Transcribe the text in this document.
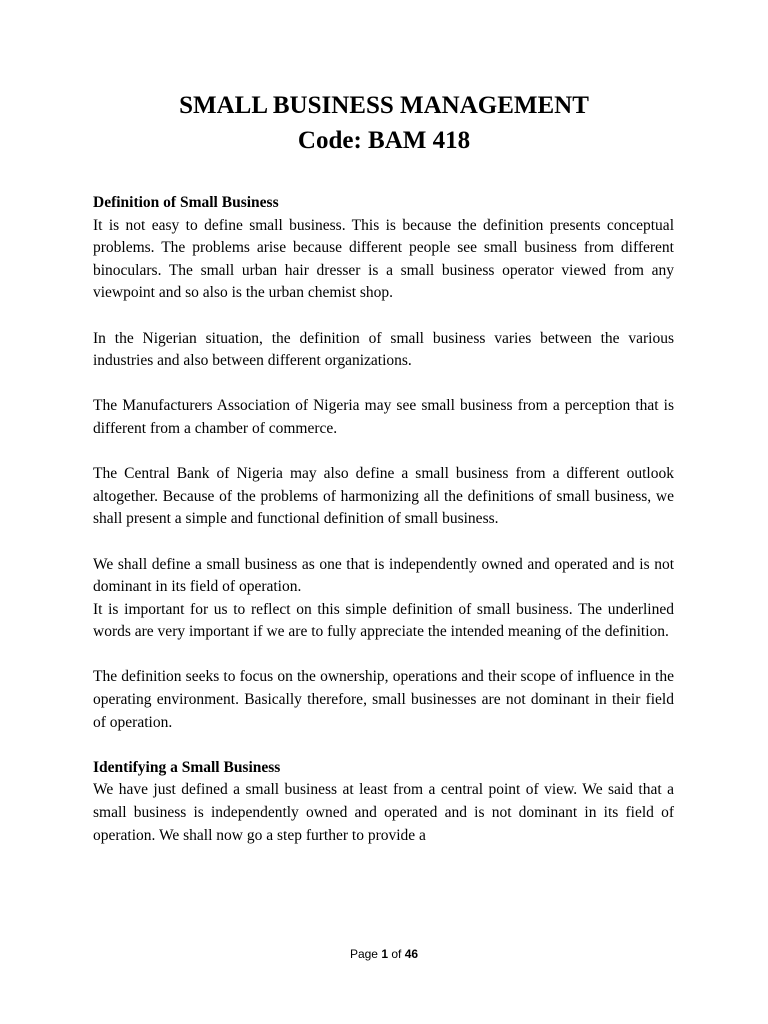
SMALL BUSINESS MANAGEMENT
Code: BAM 418
Definition of Small Business

It is not easy to define small business. This is because the definition presents conceptual problems. The problems arise because different people see small business from different binoculars. The small urban hair dresser is a small business operator viewed from any viewpoint and so also is the urban chemist shop.

In the Nigerian situation, the definition of small business varies between the various industries and also between different organizations.

The Manufacturers Association of Nigeria may see small business from a perception that is different from a chamber of commerce.

The Central Bank of Nigeria may also define a small business from a different outlook altogether. Because of the problems of harmonizing all the definitions of small business, we shall present a simple and functional definition of small business.

We shall define a small business as one that is independently owned and operated and is not dominant in its field of operation.

It is important for us to reflect on this simple definition of small business. The underlined words are very important if we are to fully appreciate the intended meaning of the definition.

The definition seeks to focus on the ownership, operations and their scope of influence in the operating environment. Basically therefore, small businesses are not dominant in their field of operation.

Identifying a Small Business

We have just defined a small business at least from a central point of view. We said that a small business is independently owned and operated and is not dominant in its field of operation. We shall now go a step further to provide a

Page 1 of 46
